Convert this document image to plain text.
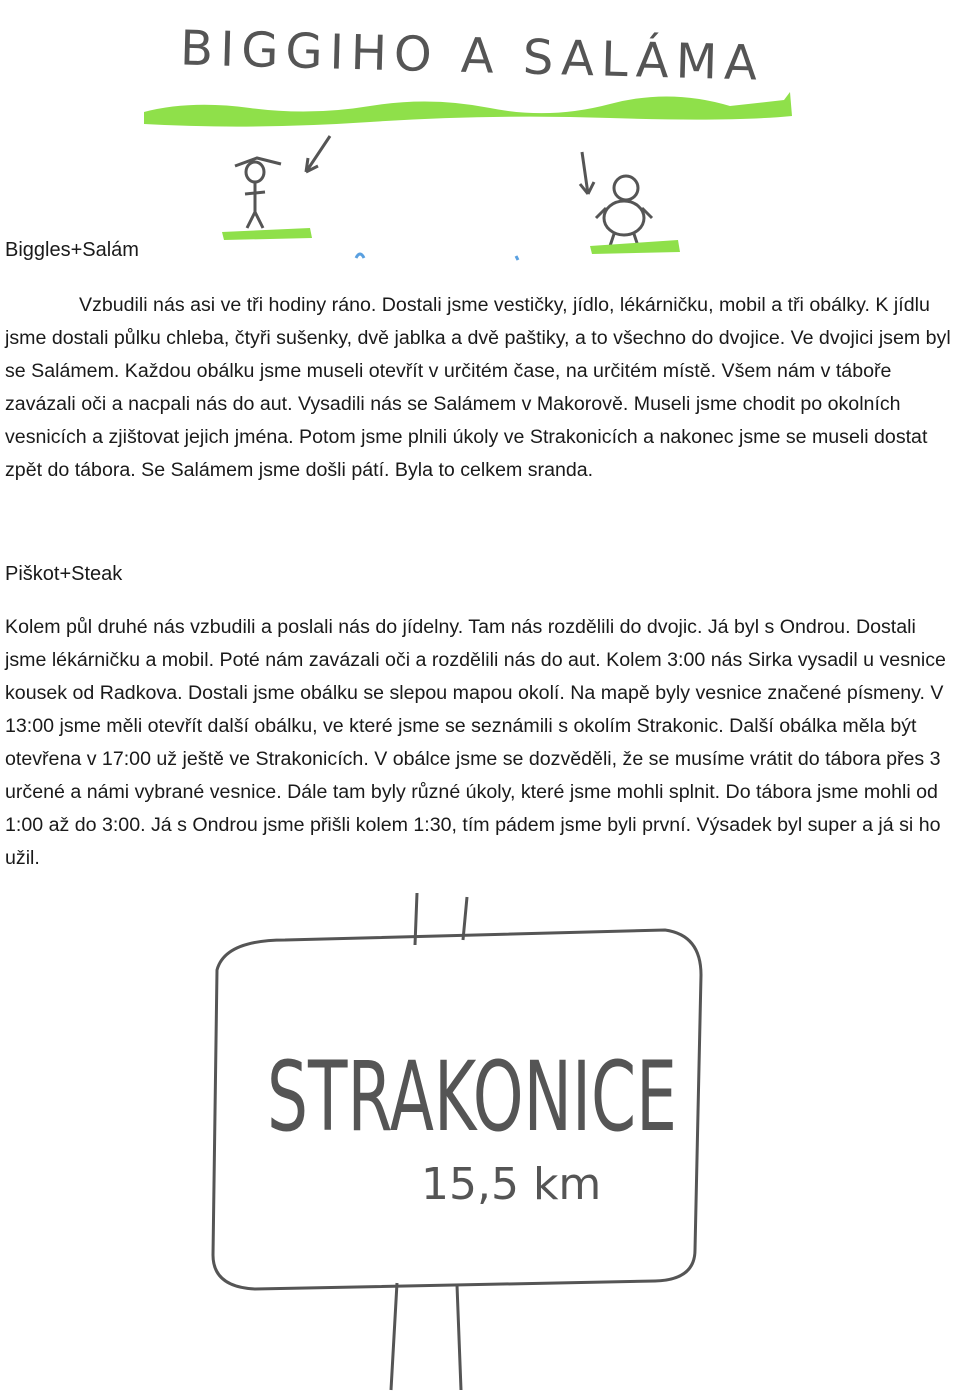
BIGGIHO A SALÁMA
Biggles+Salám

Vzbudili nás asi ve tři hodiny ráno. Dostali jsme vestičky, jídlo, lékárničku, mobil a tři obálky. K jídlu jsme dostali půlku chleba, čtyři sušenky, dvě jablka a dvě paštiky, a to všechno do dvojice. Ve dvojici jsem byl se Salámem. Každou obálku jsme museli otevřít v určitém čase, na určitém místě. Všem nám v táboře zavázali oči a nacpali nás do aut. Vysadili nás se Salámem v Makorově. Museli jsme chodit po okolních vesnicích a zjištovat jejich jména. Potom jsme plnili úkoly ve Strakonicích a nakonec jsme se museli dostat zpět do tábora. Se Salámem jsme došli pátí. Byla to celkem sranda.

Piškot+Steak

Kolem půl druhé nás vzbudili a poslali nás do jídelny. Tam nás rozdělili do dvojic. Já byl s Ondrou. Dostali jsme lékárničku a mobil. Poté nám zavázali oči a rozdělili nás do aut. Kolem 3:00 nás Sirka vysadil u vesnice kousek od Radkova. Dostali jsme obálku se slepou mapou okolí. Na mapě byly vesnice značené písmeny. V 13:00 jsme měli otevřít další obálku, ve které jsme se seznámili s okolím Strakonic. Další obálka měla být otevřena v 17:00 už ještě ve Strakonicích. V obálce jsme se dozvěděli, že se musíme vrátit do tábora přes 3 určené a námi vybrané vesnice. Dále tam byly různé úkoly, které jsme mohli splnit. Do tábora jsme mohli od 1:00 až do 3:00. Já s Ondrou jsme přišli kolem 1:30, tím pádem jsme byli první. Výsadek byl super a já si ho užil.

STRAKONICE
15,5 km
